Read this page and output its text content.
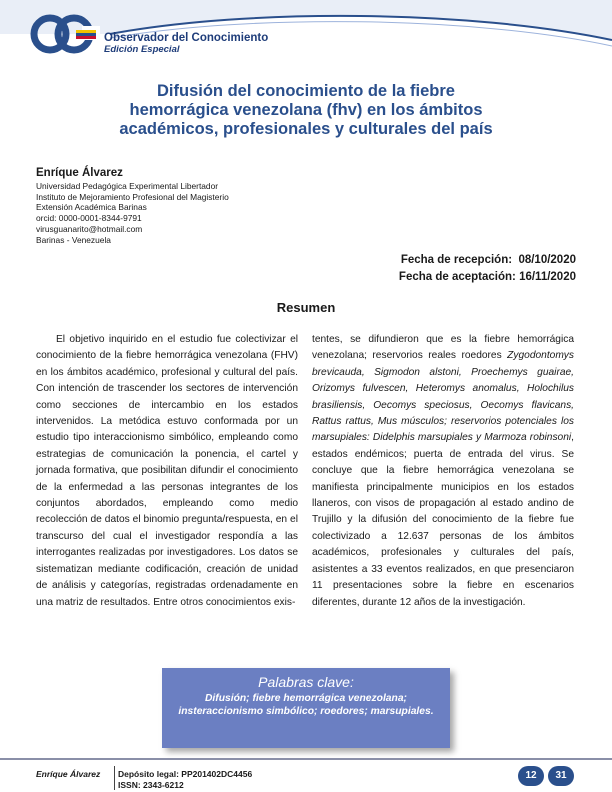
Observador del Conocimiento
Edición Especial
Difusión del conocimiento de la fiebre
hemorrágica venezolana (fhv) en los ámbitos
académicos, profesionales y culturales del país
Enríque Álvarez
Universidad Pedagógica Experimental Libertador
Instituto de Mejoramiento Profesional del Magisterio
Extensión Académica Barinas
orcid: 0000-0001-8344-9791
virusguanarito@hotmail.com
Barinas - Venezuela
Fecha de recepción:  08/10/2020
Fecha de aceptación: 16/11/2020
Resumen
El objetivo inquirido en el estudio fue colectivizar el conocimiento de la fiebre hemorrágica venezolana (FHV) en los ámbitos académico, profesional y cultural del país. Con intención de trascender los sectores de intervención como secciones de intercambio en los estados intervenidos. La metódica estuvo conformada por un estudio tipo interaccionismo simbólico, empleando como estrategias de comunicación la ponencia, el cartel y jornada formativa, que posibilitan difundir el conocimiento de la enfermedad a las personas integrantes de los conjuntos abordados, empleando como medio recolección de datos el binomio pregunta/respuesta, en el transcurso del cual el investigador respondía a las interrogantes realizadas por investigadores. Los datos se sistematizan mediante codificación, creación de unidad de análisis y categorías, registradas ordenadamente en una matriz de resultados. Entre otros conocimientos exis-
tentes, se difundieron que es la fiebre hemorrágica venezolana; reservorios reales roedores Zygodontomys brevicauda, Sigmodon alstoni, Proechemys guairae, Orizomys fulvescen, Heteromys anomalus, Holochilus brasiliensis, Oecomys speciosus, Oecomys flavicans, Rattus rattus, Mus músculos; reservorios potenciales los marsupiales: Didelphis marsupiales y Marmoza robinsoni, estados endémicos; puerta de entrada del virus. Se concluye que la fiebre hemorrágica venezolana se manifiesta principalmente municipios en los estados llaneros, con visos de propagación al estado andino de Trujillo y la difusión del conocimiento de la fiebre fue colectivizado a 12.637 personas de los ámbitos académicos, profesionales y culturales del país, asistentes a 33 eventos realizados, en que presenciaron 11 presentaciones sobre la fiebre en escenarios diferentes, durante 12 años de la investigación.
Palabras clave:
Difusión; fiebre hemorrágica venezolana; insteraccionismo simbólico; roedores; marsupiales.
Enríque Álvarez Depósito legal: PP201402DC4456
ISSN: 2343-6212
12	31
